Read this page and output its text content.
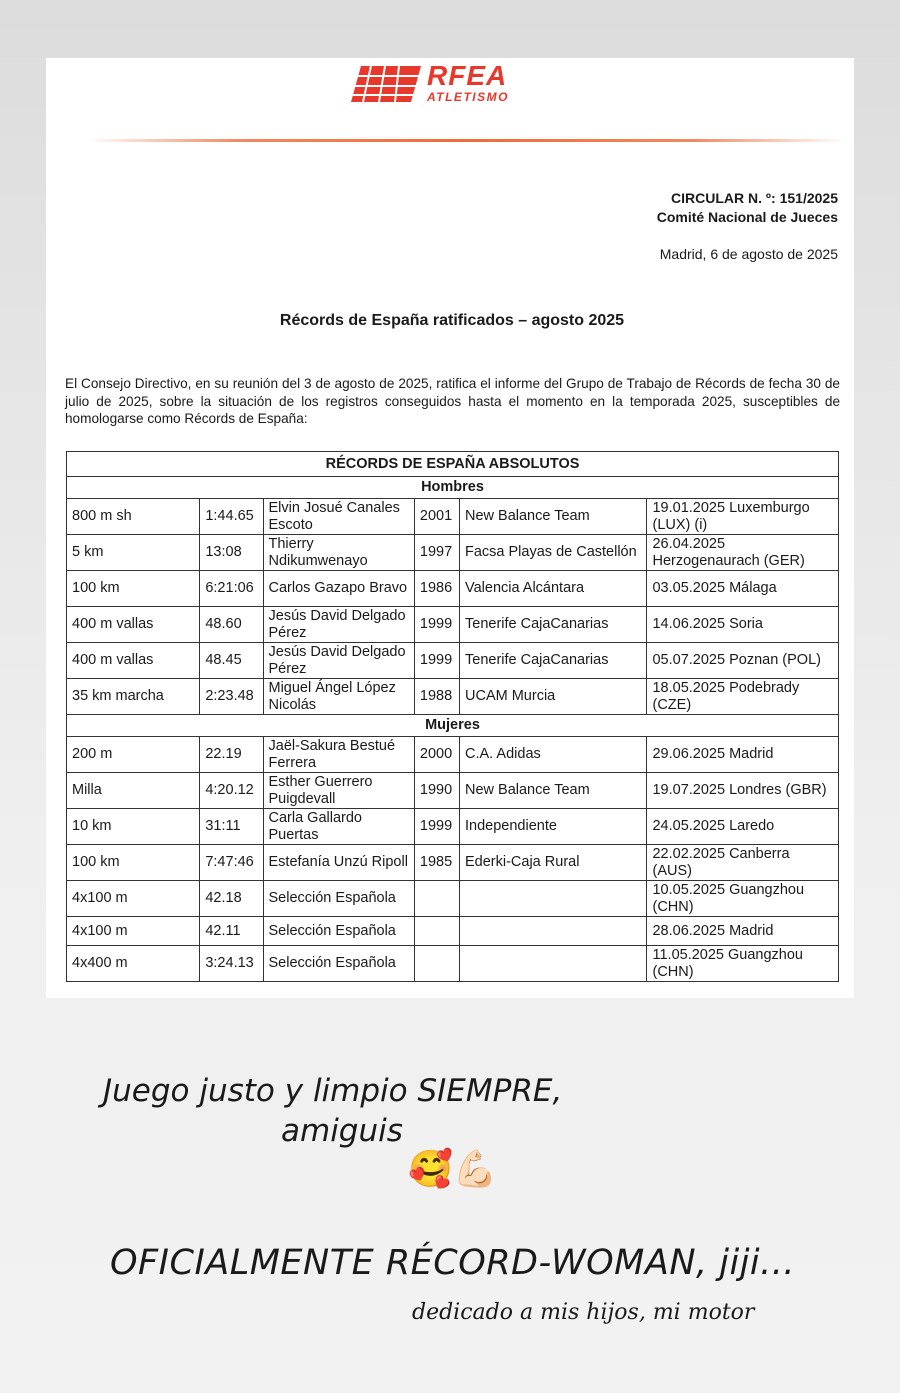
RFEA
ATLETISMO
CIRCULAR N. º: 151/2025
Comité Nacional de Jueces
Madrid, 6 de agosto de 2025
Récords de España ratificados – agosto 2025
El Consejo Directivo, en su reunión del 3 de agosto de 2025, ratifica el informe del Grupo de Trabajo de Récords de fecha 30 de julio de 2025, sobre la situación de los registros conseguidos hasta el momento en la temporada 2025, susceptibles de homologarse como Récords de España:
RÉCORDS DE ESPAÑA ABSOLUTOS					
Hombres					
800 m sh	1:44.65	Elvin Josué Canales Escoto	2001	New Balance Team	19.01.2025 Luxemburgo (LUX) (i)
5 km	13:08	Thierry Ndikumwenayo	1997	Facsa Playas de Castellón	26.04.2025 Herzogenaurach (GER)
100 km	6:21:06	Carlos Gazapo Bravo	1986	Valencia Alcántara	03.05.2025 Málaga
400 m vallas	48.60	Jesús David Delgado Pérez	1999	Tenerife CajaCanarias	14.06.2025 Soria
400 m vallas	48.45	Jesús David Delgado Pérez	1999	Tenerife CajaCanarias	05.07.2025 Poznan (POL)
35 km marcha	2:23.48	Miguel Ángel López Nicolás	1988	UCAM Murcia	18.05.2025 Podebrady (CZE)
Mujeres					
200 m	22.19	Jaël-Sakura Bestué Ferrera	2000	C.A. Adidas	29.06.2025 Madrid
Milla	4:20.12	Esther Guerrero Puigdevall	1990	New Balance Team	19.07.2025 Londres (GBR)
10 km	31:11	Carla Gallardo Puertas	1999	Independiente	24.05.2025 Laredo
100 km	7:47:46	Estefanía Unzú Ripoll	1985	Ederki-Caja Rural	22.02.2025 Canberra (AUS)
4x100 m	42.18	Selección Española			10.05.2025 Guangzhou (CHN)
4x100 m	42.11	Selección Española			28.06.2025 Madrid
4x400 m	3:24.13	Selección Española			11.05.2025 Guangzhou (CHN)
Juego justo y limpio SIEMPRE,
amiguis
🥰💪🏻
OFICIALMENTE RÉCORD-WOMAN, jiji...
dedicado a mis hijos, mi motor
